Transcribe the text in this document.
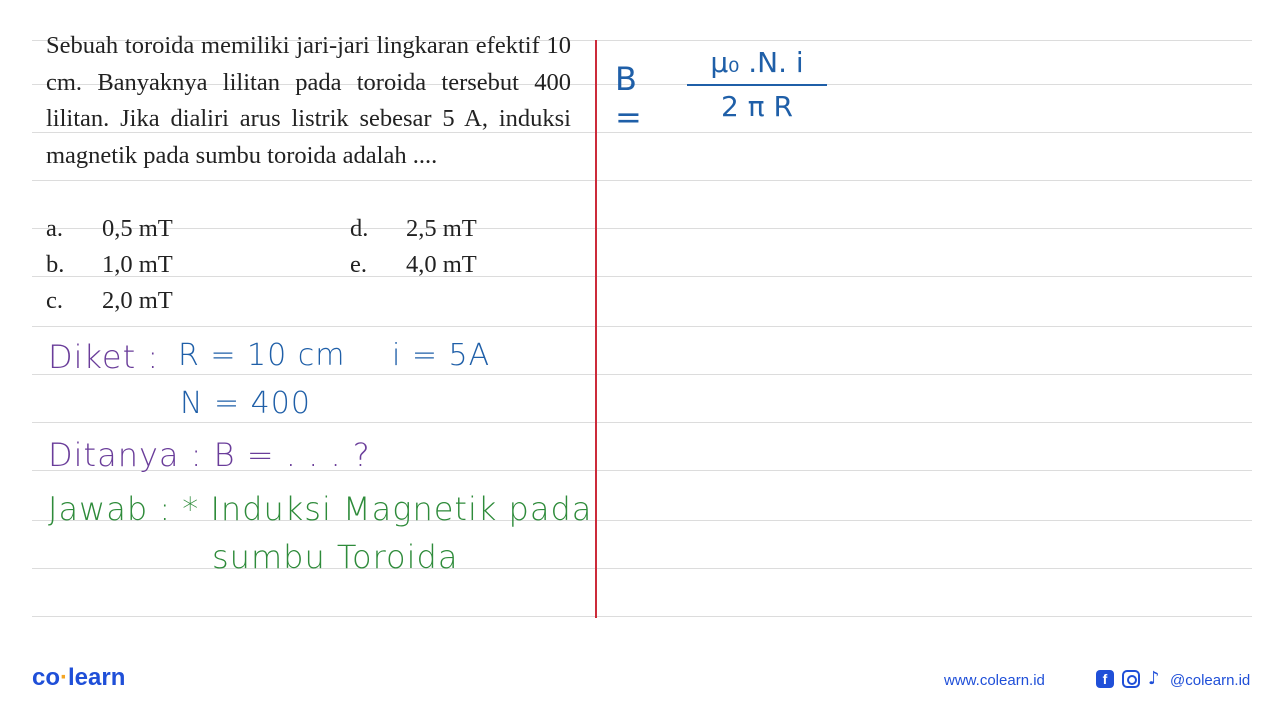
Sebuah toroida memiliki jari-jari lingkaran efektif 10 cm. Banyaknya lilitan pada toroida tersebut 400 lilitan. Jika dialiri arus listrik sebesar 5 A, induksi magnetik pada sumbu toroida adalah ....
a. 0,5 mT
b. 1,0 mT
c. 2,0 mT
d. 2,5 mT
e. 4,0 mT
Diket : R = 10 cm i = 5A
N = 400
Ditanya : B = . . . ?
Jawab : * Induksi Magnetik pada
sumbu Toroida
B =
μ₀ .N. i
2 π R
co·learn	www.colearn.id	f	♪ @colearn.id
